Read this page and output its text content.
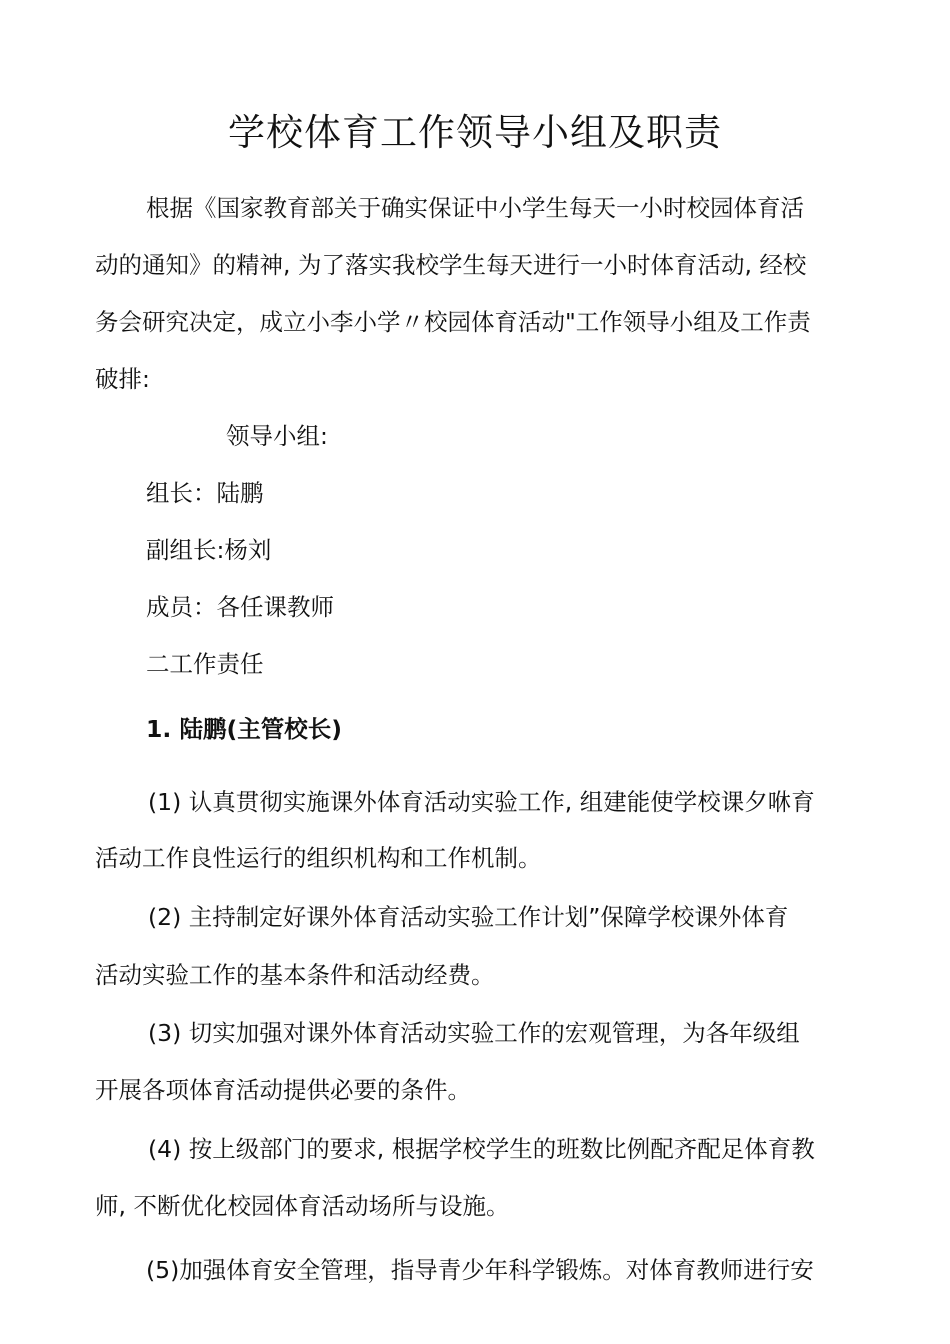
学校体育工作领导小组及职责

根据《国家教育部关于确实保证中小学生每天一小时校园体育活

动的通知》的精神, 为了落实我校学生每天进行一小时体育活动, 经校

务会研究决定，成立小李小学〃校园体育活动"工作领导小组及工作责

破排:

领导小组:

组长：陆鹏

副组长:杨刘

成员：各任课教师

二工作责任

1. 陆鹏(主管校长)

(1) 认真贯彻实施课外体育活动实验工作, 组建能使学校课夕咻育

活动工作良性运行的组织机构和工作机制。

(2) 主持制定好课外体育活动实验工作计划”保障学校课外体育

活动实验工作的基本条件和活动经费。

(3) 切实加强对课外体育活动实验工作的宏观管理，为各年级组

开展各项体育活动提供必要的条件。

(4) 按上级部门的要求, 根据学校学生的班数比例配齐配足体育教

师, 不断优化校园体育活动场所与设施。

(5)加强体育安全管理，指导青少年科学锻炼。对体育教师进行安
